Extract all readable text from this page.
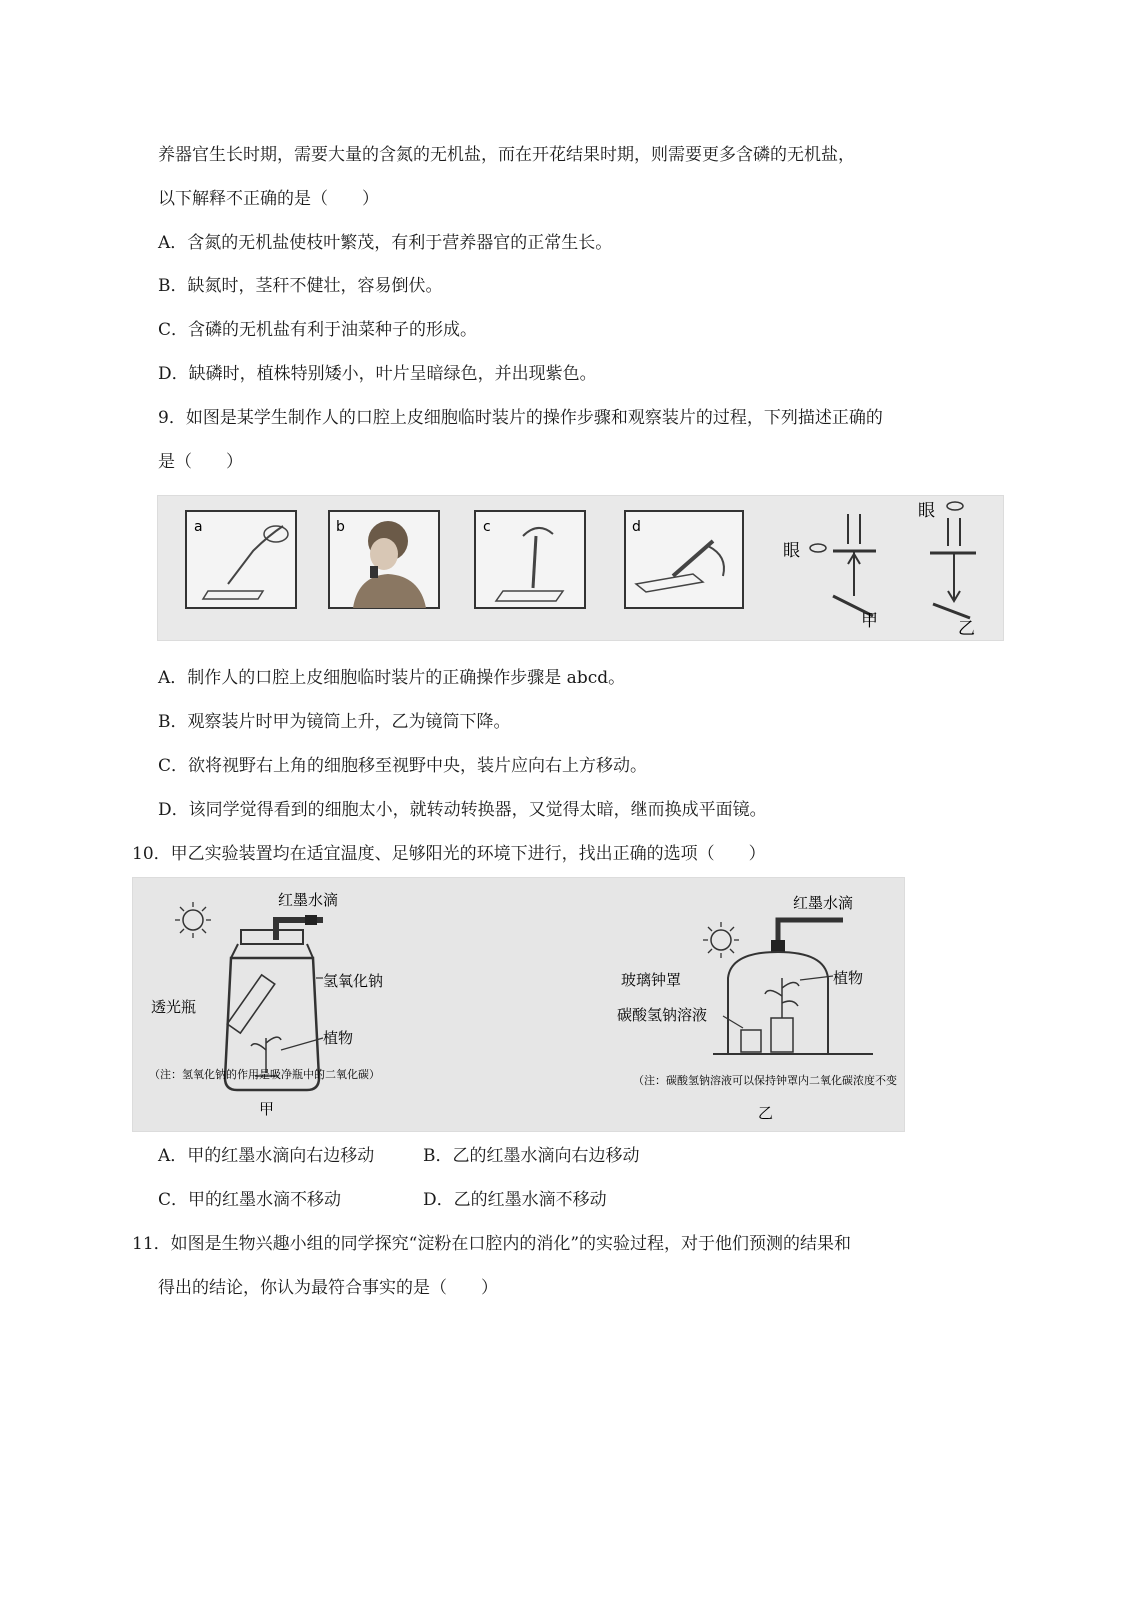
养器官生长时期，需要大量的含氮的无机盐，而在开花结果时期，则需要更多含磷的无机盐，
以下解释不正确的是（　　）
A．含氮的无机盐使枝叶繁茂，有利于营养器官的正常生长。
B．缺氮时，茎秆不健壮，容易倒伏。
C．含磷的无机盐有利于油菜种子的形成。
D．缺磷时，植株特别矮小，叶片呈暗绿色，并出现紫色。
9．如图是某学生制作人的口腔上皮细胞临时装片的操作步骤和观察装片的过程，下列描述正确的
是（　　）
a	b	c	d
眼
甲
眼
乙
A．制作人的口腔上皮细胞临时装片的正确操作步骤是 abcd。
B．观察装片时甲为镜筒上升，乙为镜筒下降。
C．欲将视野右上角的细胞移至视野中央，装片应向右上方移动。
D．该同学觉得看到的细胞太小，就转动转换器，又觉得太暗，继而换成平面镜。
10．甲乙实验装置均在适宜温度、足够阳光的环境下进行，找出正确的选项（　　）
红墨水滴
氢氧化钠
植物
透光瓶
（注：氢氧化钠的作用是吸净瓶中的二氧化碳）
甲
红墨水滴
玻璃钟罩	植物
碳酸氢钠溶液
（注：碳酸氢钠溶液可以保持钟罩内二氧化碳浓度不变
乙
A．甲的红墨水滴向右边移动	B．乙的红墨水滴向右边移动
C．甲的红墨水滴不移动	D．乙的红墨水滴不移动
11．如图是生物兴趣小组的同学探究“淀粉在口腔内的消化”的实验过程，对于他们预测的结果和
得出的结论，你认为最符合事实的是（　　）
